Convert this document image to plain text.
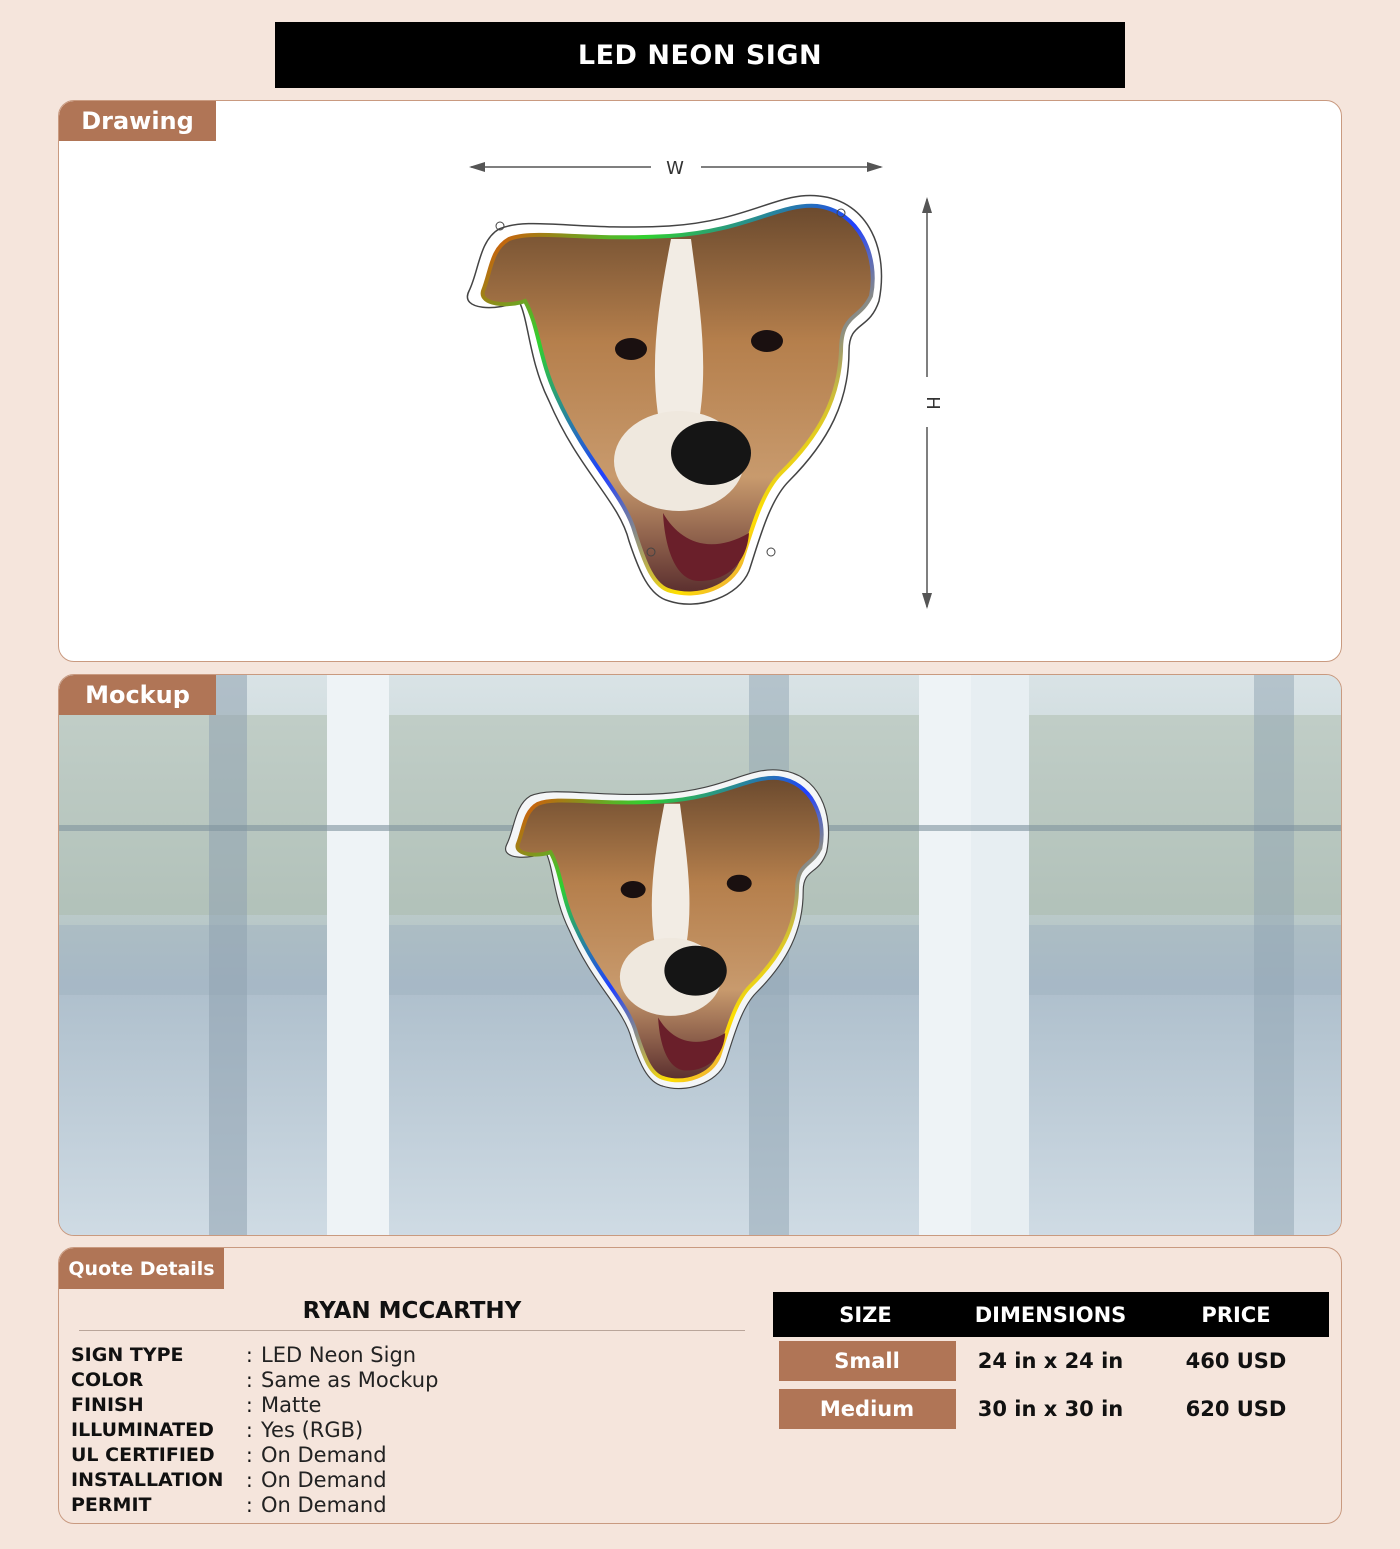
LED NEON SIGN
Drawing
W
H
Mockup
Quote Details
RYAN MCCARTHY
SIGN TYPE	: LED Neon Sign
COLOR	: Same as Mockup
FINISH	: Matte
ILLUMINATED	: Yes (RGB)
UL CERTIFIED	: On Demand
INSTALLATION	: On Demand
PERMIT	: On Demand
SIZE	DIMENSIONS	PRICE
Small	24 in x 24 in	460 USD
Medium	30 in x 30 in	620 USD
